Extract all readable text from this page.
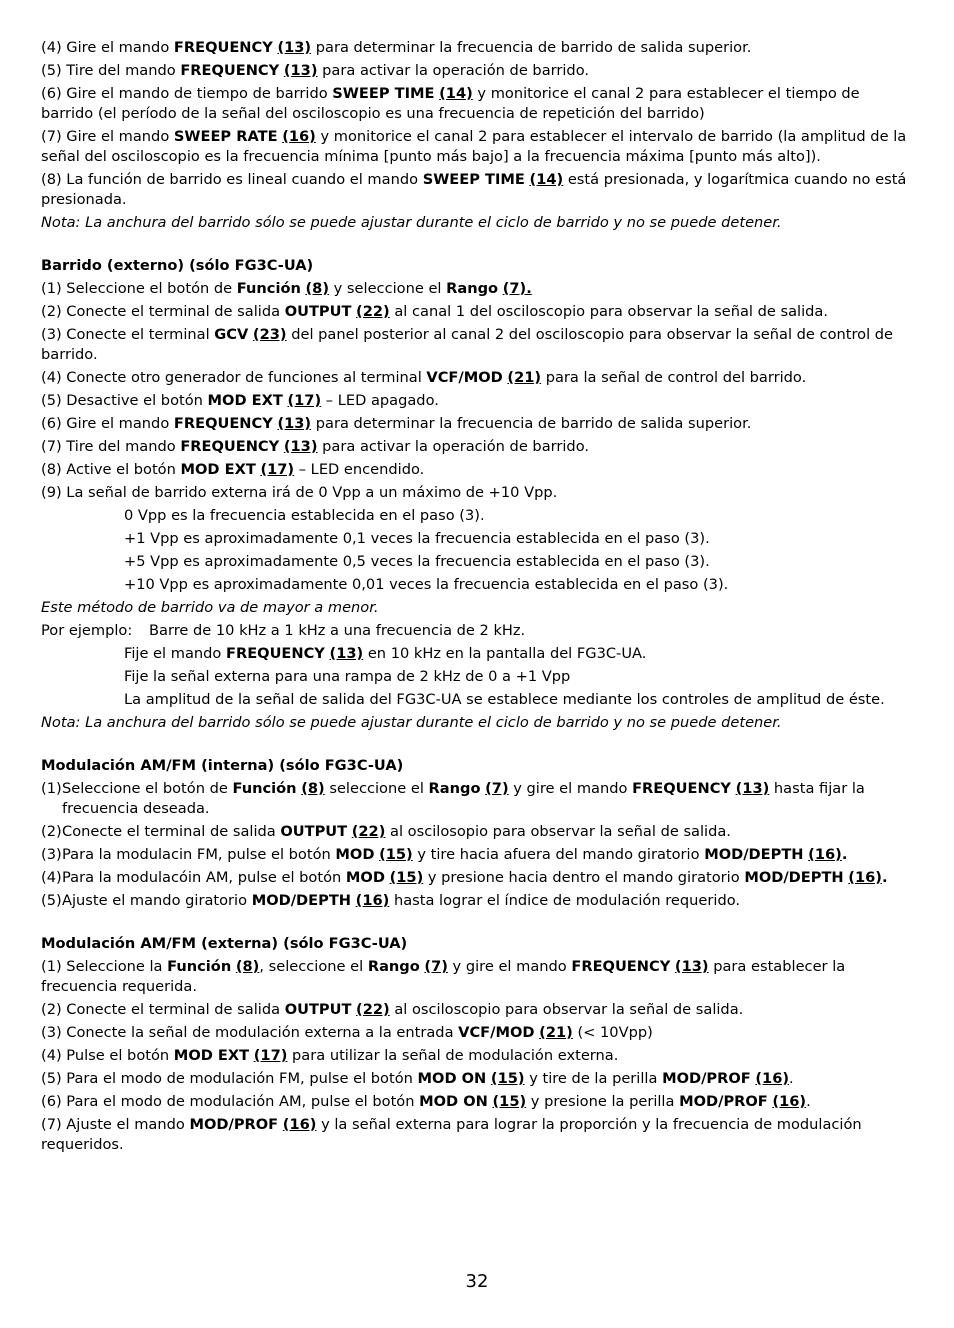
(4) Gire el mando FREQUENCY (13) para determinar la frecuencia de barrido de salida superior.
(5) Tire del mando FREQUENCY (13) para activar la operación de barrido.
(6) Gire el mando de tiempo de barrido SWEEP TIME (14) y monitorice el canal 2 para establecer el tiempo de barrido (el período de la señal del osciloscopio es una frecuencia de repetición del barrido)
(7) Gire el mando SWEEP RATE (16) y monitorice el canal 2 para establecer el intervalo de barrido (la amplitud de la señal del osciloscopio es la frecuencia mínima [punto más bajo] a la frecuencia máxima [punto más alto]).
(8) La función de barrido es lineal cuando el mando SWEEP TIME (14) está presionada, y logarítmica cuando no está presionada.
Nota: La anchura del barrido sólo se puede ajustar durante el ciclo de barrido y no se puede detener.
Barrido (externo) (sólo FG3C-UA)
(1) Seleccione el botón de Función (8) y seleccione el Rango (7).
(2) Conecte el terminal de salida OUTPUT (22) al canal 1 del osciloscopio para observar la señal de salida.
(3) Conecte el terminal GCV (23) del panel posterior al canal 2 del osciloscopio para observar la señal de control de barrido.
(4) Conecte otro generador de funciones al terminal VCF/MOD (21) para la señal de control del barrido.
(5) Desactive el botón MOD EXT (17) – LED apagado.
(6) Gire el mando FREQUENCY (13) para determinar la frecuencia de barrido de salida superior.
(7) Tire del mando FREQUENCY (13) para activar la operación de barrido.
(8) Active el botón MOD EXT (17) – LED encendido.
(9) La señal de barrido externa irá de 0 Vpp a un máximo de +10 Vpp.
0 Vpp es la frecuencia establecida en el paso (3).
+1 Vpp es aproximadamente 0,1 veces la frecuencia establecida en el paso (3).
+5 Vpp es aproximadamente 0,5 veces la frecuencia establecida en el paso (3).
+10 Vpp es aproximadamente 0,01 veces la frecuencia establecida en el paso (3).
Este método de barrido va de mayor a menor.
Por ejemplo: Barre de 10 kHz a 1 kHz a una frecuencia de 2 kHz.
Fije el mando FREQUENCY (13) en 10 kHz en la pantalla del FG3C-UA.
Fije la señal externa para una rampa de 2 kHz de 0 a +1 Vpp
La amplitud de la señal de salida del FG3C-UA se establece mediante los controles de amplitud de éste.
Nota: La anchura del barrido sólo se puede ajustar durante el ciclo de barrido y no se puede detener.
Modulación AM/FM (interna) (sólo FG3C-UA)
(1)Seleccione el botón de Función (8) seleccione el Rango (7) y gire el mando FREQUENCY (13) hasta fijar la frecuencia deseada.
(2)Conecte el terminal de salida OUTPUT (22) al oscilosopio para observar la señal de salida.
(3)Para la modulacin FM, pulse el botón MOD (15) y tire hacia afuera del mando giratorio MOD/DEPTH (16).
(4)Para la modulacóin AM, pulse el botón MOD (15) y presione hacia dentro el mando giratorio MOD/DEPTH (16).
(5)Ajuste el mando giratorio MOD/DEPTH (16) hasta lograr el índice de modulación requerido.
Modulación AM/FM (externa) (sólo FG3C-UA)
(1) Seleccione la Función (8), seleccione el Rango (7) y gire el mando FREQUENCY (13) para establecer la frecuencia requerida.
(2) Conecte el terminal de salida OUTPUT (22) al osciloscopio para observar la señal de salida.
(3) Conecte la señal de modulación externa a la entrada VCF/MOD (21) (< 10Vpp)
(4) Pulse el botón MOD EXT (17) para utilizar la señal de modulación externa.
(5) Para el modo de modulación FM, pulse el botón MOD ON (15) y tire de la perilla MOD/PROF (16).
(6) Para el modo de modulación AM, pulse el botón MOD ON (15) y presione la perilla MOD/PROF (16).
(7) Ajuste el mando MOD/PROF (16) y la señal externa para lograr la proporción y la frecuencia de modulación requeridos.
32
